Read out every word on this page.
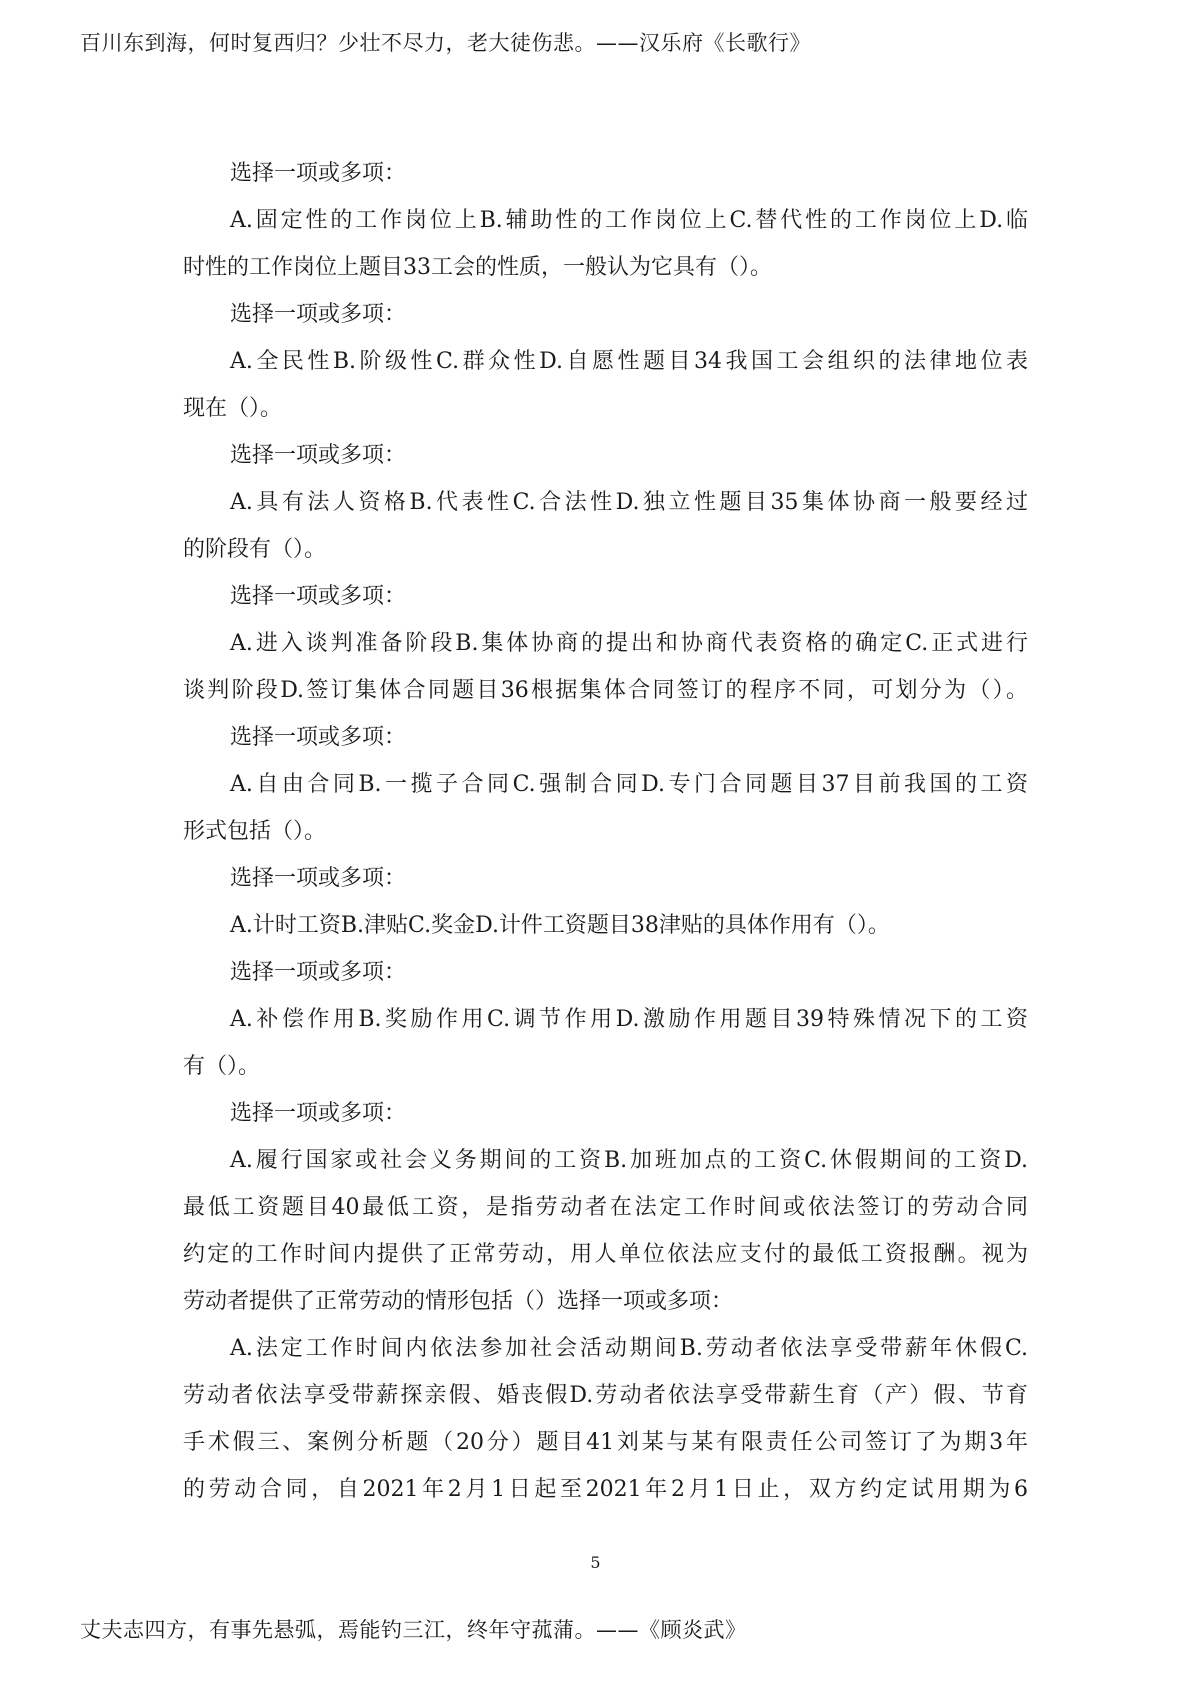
百川东到海，何时复西归？少壮不尽力，老大徒伤悲。——汉乐府《长歌行》
选择一项或多项：
A.固定性的工作岗位上B.辅助性的工作岗位上C.替代性的工作岗位上D.临
时性的工作岗位上题目33工会的性质，一般认为它具有（）。
选择一项或多项：
A.全民性B.阶级性C.群众性D.自愿性题目34我国工会组织的法律地位表
现在（）。
选择一项或多项：
A.具有法人资格B.代表性C.合法性D.独立性题目35集体协商一般要经过
的阶段有（）。
选择一项或多项：
A.进入谈判准备阶段B.集体协商的提出和协商代表资格的确定C.正式进行
谈判阶段D.签订集体合同题目36根据集体合同签订的程序不同，可划分为（）。
选择一项或多项：
A.自由合同B.一揽子合同C.强制合同D.专门合同题目37目前我国的工资
形式包括（）。
选择一项或多项：
A.计时工资B.津贴C.奖金D.计件工资题目38津贴的具体作用有（）。
选择一项或多项：
A.补偿作用B.奖励作用C.调节作用D.激励作用题目39特殊情况下的工资
有（）。
选择一项或多项：
A.履行国家或社会义务期间的工资B.加班加点的工资C.休假期间的工资D.
最低工资题目40最低工资，是指劳动者在法定工作时间或依法签订的劳动合同
约定的工作时间内提供了正常劳动，用人单位依法应支付的最低工资报酬。视为
劳动者提供了正常劳动的情形包括（）选择一项或多项：
A.法定工作时间内依法参加社会活动期间B.劳动者依法享受带薪年休假C.
劳动者依法享受带薪探亲假、婚丧假D.劳动者依法享受带薪生育（产）假、节育
手术假三、案例分析题（20分）题目41刘某与某有限责任公司签订了为期3年
的劳动合同，自2021年2月1日起至2021年2月1日止，双方约定试用期为6
5
丈夫志四方，有事先悬弧，焉能钓三江，终年守菰蒲。——《顾炎武》
